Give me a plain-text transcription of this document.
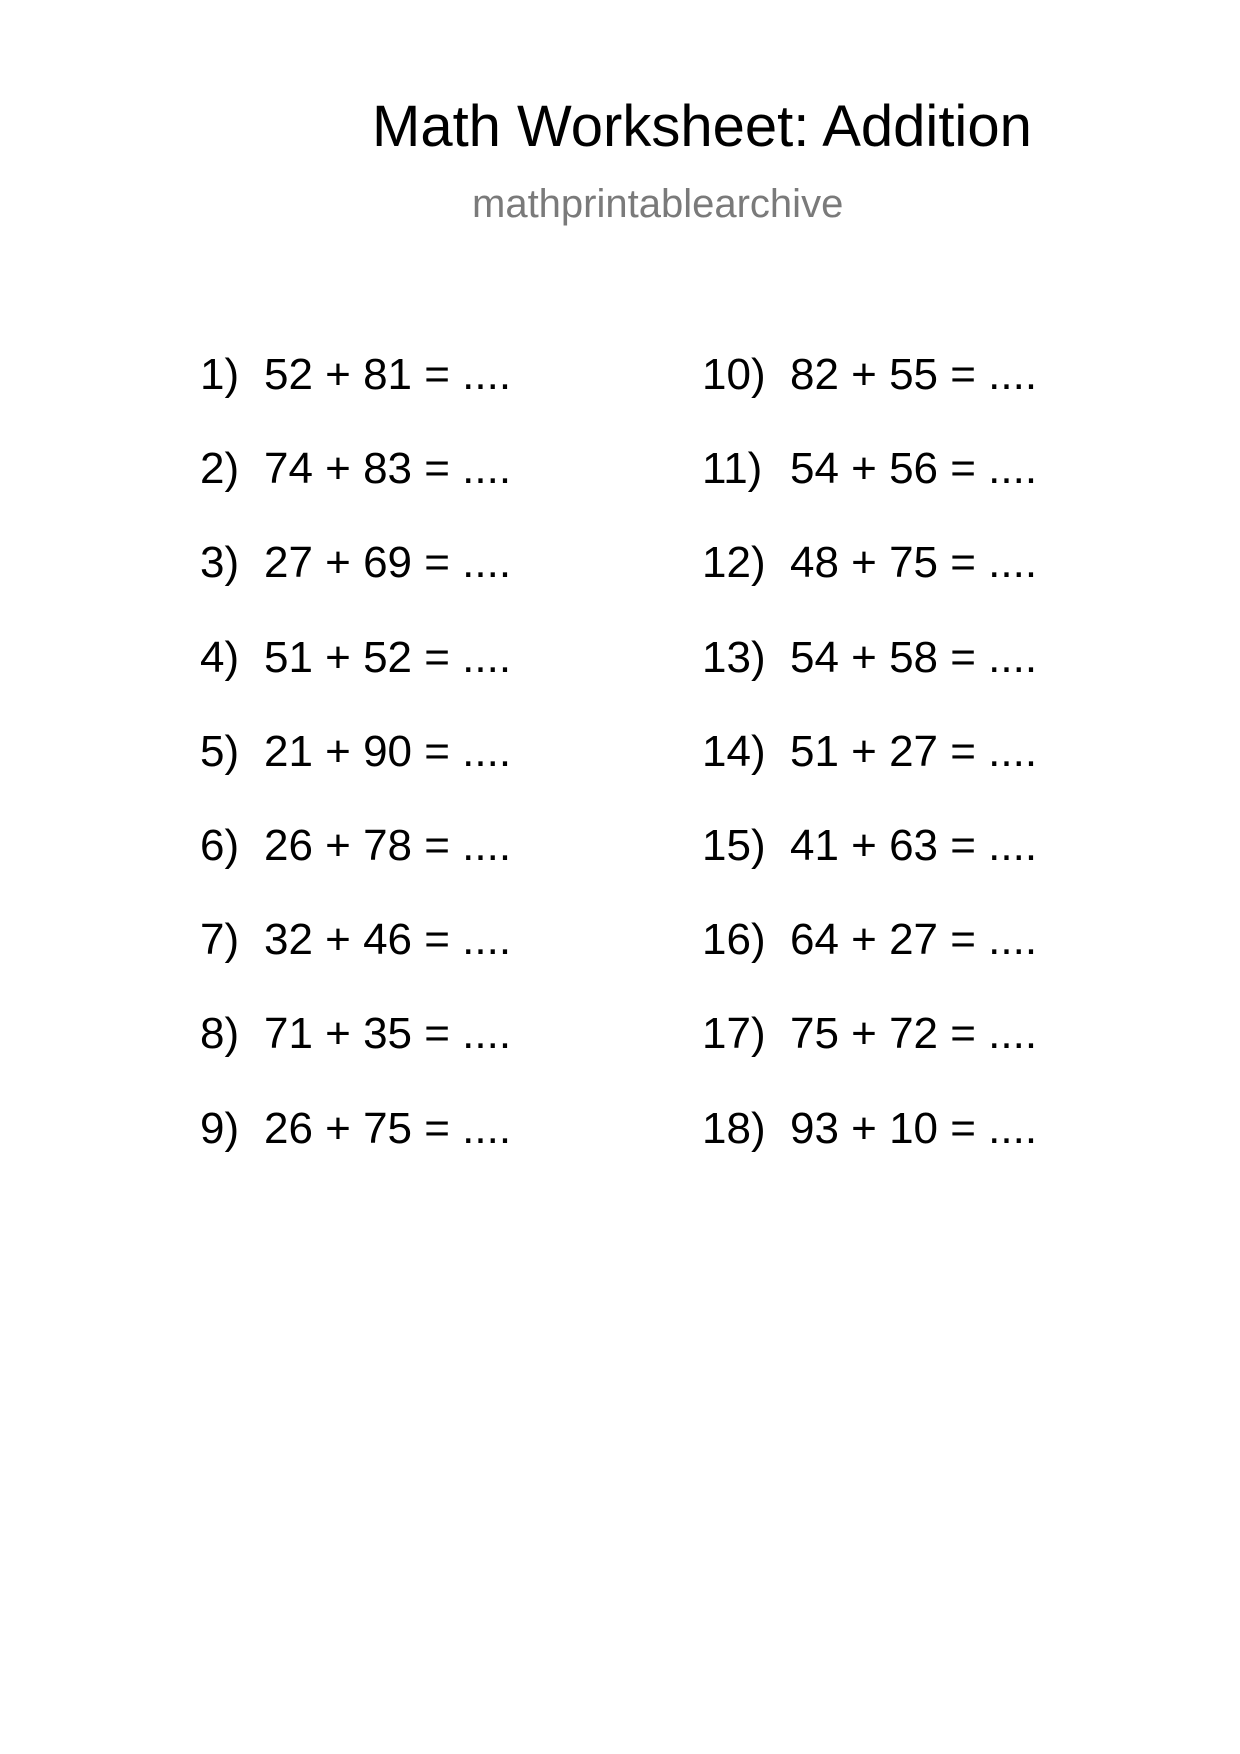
Math Worksheet: Addition
mathprintablearchive
1) 52 + 81 = ....
2) 74 + 83 = ....
3) 27 + 69 = ....
4) 51 + 52 = ....
5) 21 + 90 = ....
6) 26 + 78 = ....
7) 32 + 46 = ....
8) 71 + 35 = ....
9) 26 + 75 = ....
10) 82 + 55 = ....
11) 54 + 56 = ....
12) 48 + 75 = ....
13) 54 + 58 = ....
14) 51 + 27 = ....
15) 41 + 63 = ....
16) 64 + 27 = ....
17) 75 + 72 = ....
18) 93 + 10 = ....
